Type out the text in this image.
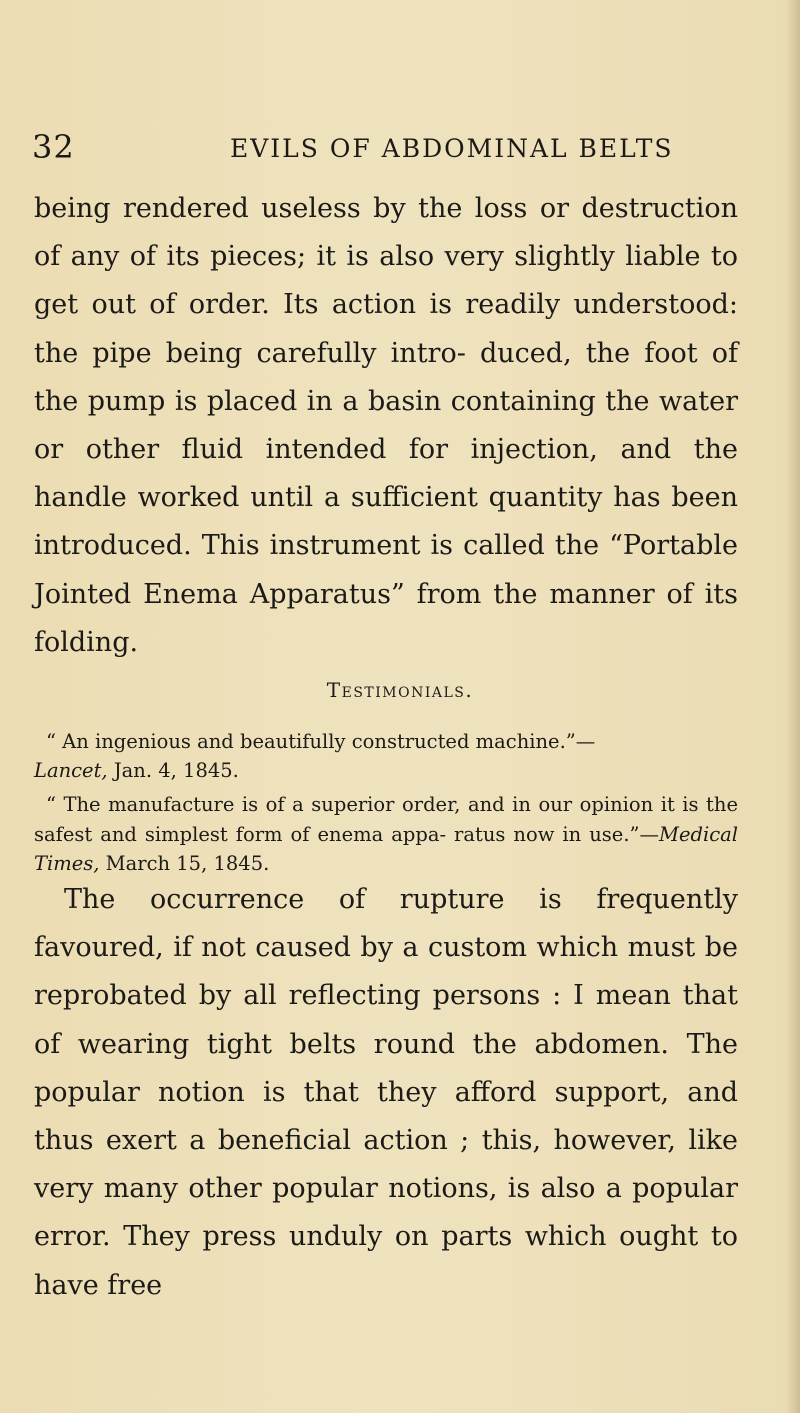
32	EVILS OF ABDOMINAL BELTS

being rendered useless by the loss or destruction of any of its pieces; it is also very slightly liable to get out of order. Its action is readily understood: the pipe being carefully intro- duced, the foot of the pump is placed in a basin containing the water or other fluid intended for injection, and the handle worked until a sufficient quantity has been introduced. This instrument is called the “Portable Jointed Enema Apparatus” from the manner of its folding.

Testimonials.

“ An ingenious and beautifully constructed machine.”—
Lancet, Jan. 4, 1845.

“ The manufacture is of a superior order, and in our opinion it is the safest and simplest form of enema appa- ratus now in use.”—Medical Times, March 15, 1845.

The occurrence of rupture is frequently favoured, if not caused by a custom which must be reprobated by all reflecting persons : I mean that of wearing tight belts round the abdomen. The popular notion is that they afford support, and thus exert a beneficial action ; this, however, like very many other popular notions, is also a popular error. They press unduly on parts which ought to have free
